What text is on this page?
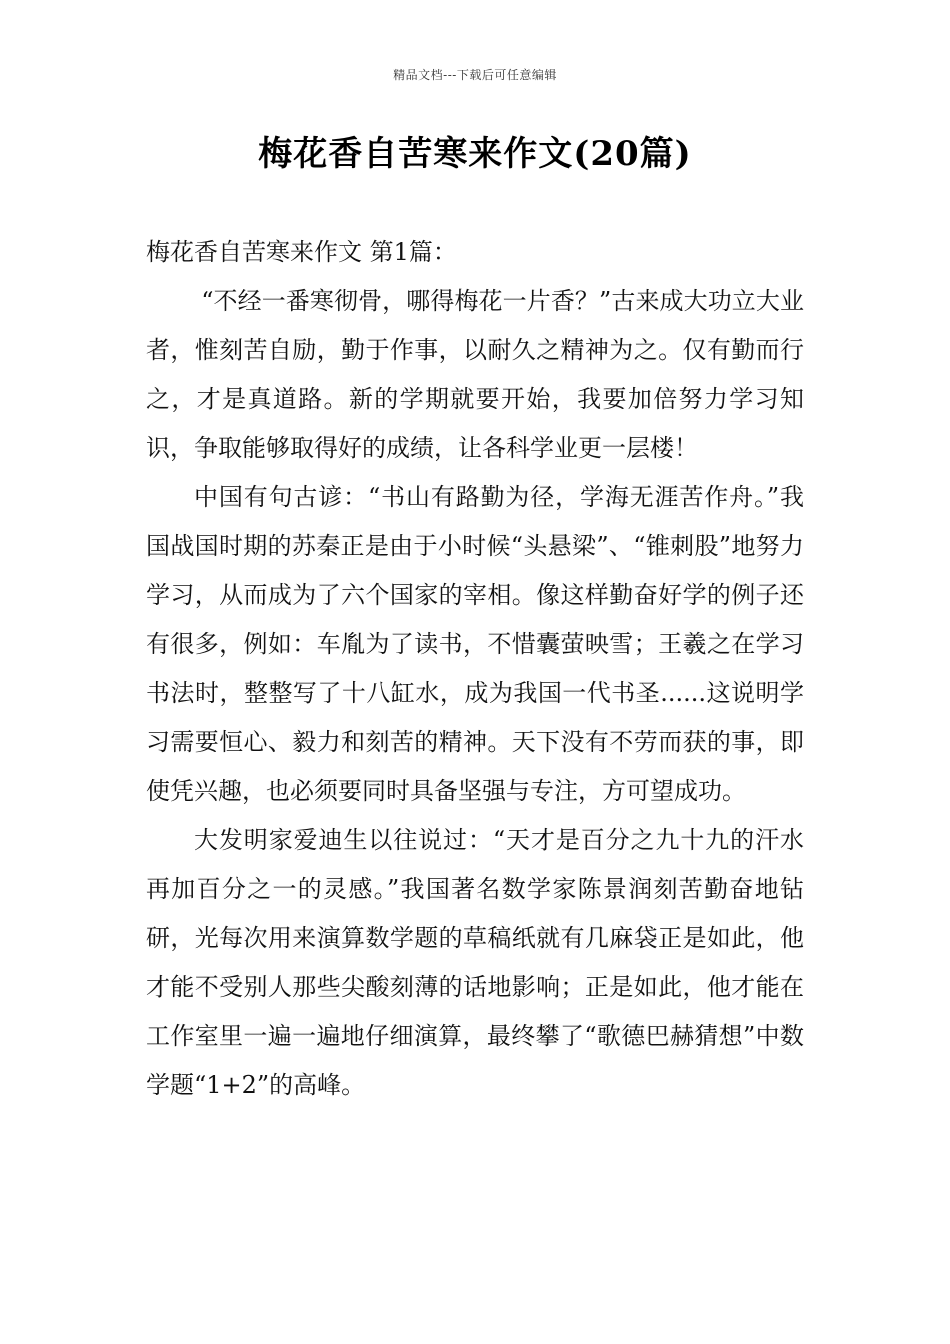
精品文档---下载后可任意编辑
梅花香自苦寒来作文(20篇)

梅花香自苦寒来作文 第1篇：

“不经一番寒彻骨，哪得梅花一片香？”古来成大功立大业者，惟刻苦自励，勤于作事，以耐久之精神为之。仅有勤而行之，才是真道路。新的学期就要开始，我要加倍努力学习知识，争取能够取得好的成绩，让各科学业更一层楼！

中国有句古谚：“书山有路勤为径，学海无涯苦作舟。”我国战国时期的苏秦正是由于小时候“头悬梁”、“锥刺股”地努力学习，从而成为了六个国家的宰相。像这样勤奋好学的例子还有很多，例如：车胤为了读书，不惜囊萤映雪；王羲之在学习书法时，整整写了十八缸水，成为我国一代书圣......这说明学习需要恒心、毅力和刻苦的精神。天下没有不劳而获的事，即使凭兴趣，也必须要同时具备坚强与专注，方可望成功。

大发明家爱迪生以往说过：“天才是百分之九十九的汗水再加百分之一的灵感。”我国著名数学家陈景润刻苦勤奋地钻研，光每次用来演算数学题的草稿纸就有几麻袋正是如此，他才能不受别人那些尖酸刻薄的话地影响；正是如此，他才能在工作室里一遍一遍地仔细演算，最终攀了“歌德巴赫猜想”中数学题“1+2”的高峰。
